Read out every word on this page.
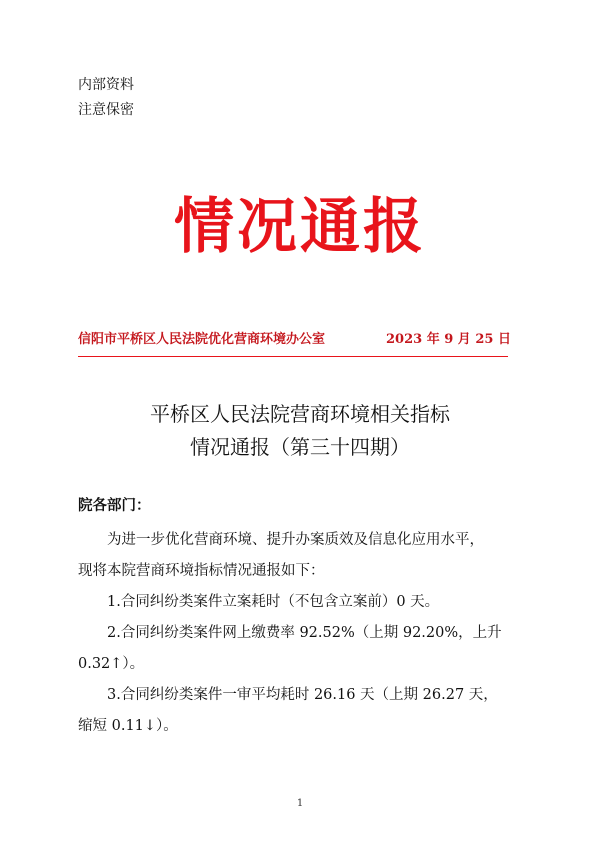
内部资料
注意保密
情况通报
信阳市平桥区人民法院优化营商环境办公室	2023 年 9 月 25 日
平桥区人民法院营商环境相关指标
情况通报（第三十四期）

院各部门：

为进一步优化营商环境、提升办案质效及信息化应用水平，

现将本院营商环境指标情况通报如下：

1.合同纠纷类案件立案耗时（不包含立案前）0 天。

2.合同纠纷类案件网上缴费率 92.52%（上期 92.20%，上升

0.32↑）。

3.合同纠纷类案件一审平均耗时 26.16 天（上期 26.27 天，

缩短 0.11↓）。

1
